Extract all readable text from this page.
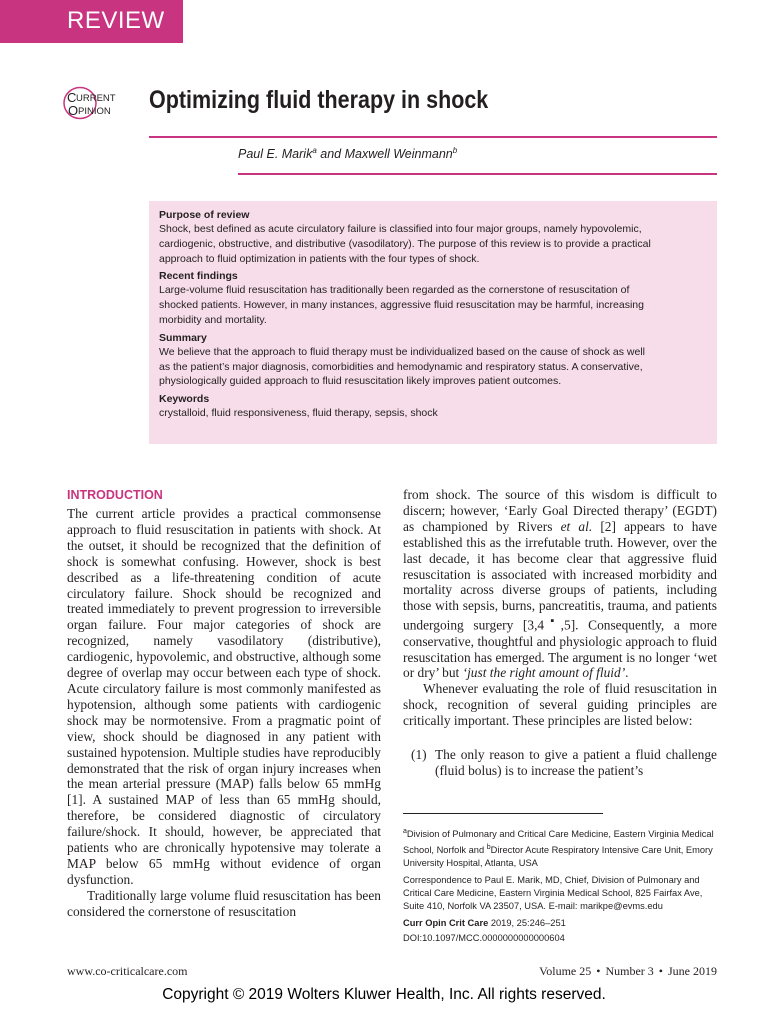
REVIEW
C URRENT
O PINION Optimizing fluid therapy in shock
Paul E. Marik$^a$ and Maxwell Weinmann$^b$
Purpose of review
Shock, best defined as acute circulatory failure is classified into four major groups, namely hypovolemic,
cardiogenic, obstructive, and distributive (vasodilatory). The purpose of this review is to provide a practical
approach to fluid optimization in patients with the four types of shock.
Recent findings
Large-volume fluid resuscitation has traditionally been regarded as the cornerstone of resuscitation of
shocked patients. However, in many instances, aggressive fluid resuscitation may be harmful, increasing
morbidity and mortality.
Summary
We believe that the approach to fluid therapy must be individualized based on the cause of shock as well
as the patient’s major diagnosis, comorbidities and hemodynamic and respiratory status. A conservative,
physiologically guided approach to fluid resuscitation likely improves patient outcomes.
Keywords
crystalloid, fluid responsiveness, fluid therapy, sepsis, shock
INTRODUCTION

The current article provides a practical commonsense approach to fluid resuscitation in patients with shock. At the outset, it should be recognized that the definition of shock is somewhat confusing. However, shock is best described as a life-threatening condition of acute circulatory failure. Shock should be recognized and treated immediately to prevent progression to irreversible organ failure. Four major categories of shock are recognized, namely vasodilatory (distributive), cardiogenic, hypovolemic, and obstructive, although some degree of overlap may occur between each type of shock. Acute circulatory failure is most commonly manifested as hypotension, although some patients with cardiogenic shock may be normotensive. From a pragmatic point of view, shock should be diagnosed in any patient with sustained hypotension. Multiple studies have reproducibly demonstrated that the risk of organ injury increases when the mean arterial pressure (MAP) falls below 65 mmHg [1]. A sustained MAP of less than 65 mmHg should, therefore, be considered diagnostic of circulatory failure/shock. It should, however, be appreciated that patients who are chronically hypotensive may tolerate a MAP below 65 mmHg without evidence of organ dysfunction.

Traditionally large volume fluid resuscitation has been considered the cornerstone of resuscitation

from shock. The source of this wisdom is difficult to discern; however, ‘Early Goal Directed therapy’ (EGDT) as championed by Rivers et al. [2] appears to have established this as the irrefutable truth. However, over the last decade, it has become clear that aggressive fluid resuscitation is associated with increased morbidity and mortality across diverse groups of patients, including those with sepsis, burns, pancreatitis, trauma, and patients undergoing surgery [3,4▪,5]. Consequently, a more conservative, thoughtful and physiologic approach to fluid resuscitation has emerged. The argument is no longer ‘wet or dry’ but ‘just the right amount of fluid’.

Whenever evaluating the role of fluid resuscitation in shock, recognition of several guiding principles are critically important. These principles are listed below:

(1) The only reason to give a patient a fluid challenge (fluid bolus) is to increase the patient’s

$^a$Division of Pulmonary and Critical Care Medicine, Eastern Virginia Medical School, Norfolk and $^b$Director Acute Respiratory Intensive Care Unit, Emory University Hospital, Atlanta, USA

Correspondence to Paul E. Marik, MD, Chief, Division of Pulmonary and Critical Care Medicine, Eastern Virginia Medical School, 825 Fairfax Ave, Suite 410, Norfolk VA 23507, USA. E-mail: marikpe@evms.edu

Curr Opin Crit Care 2019, 25:246–251

DOI:10.1097/MCC.0000000000000604

www.co-criticalcare.com	Volume 25 • Number 3 • June 2019
Copyright © 2019 Wolters Kluwer Health, Inc. All rights reserved.
